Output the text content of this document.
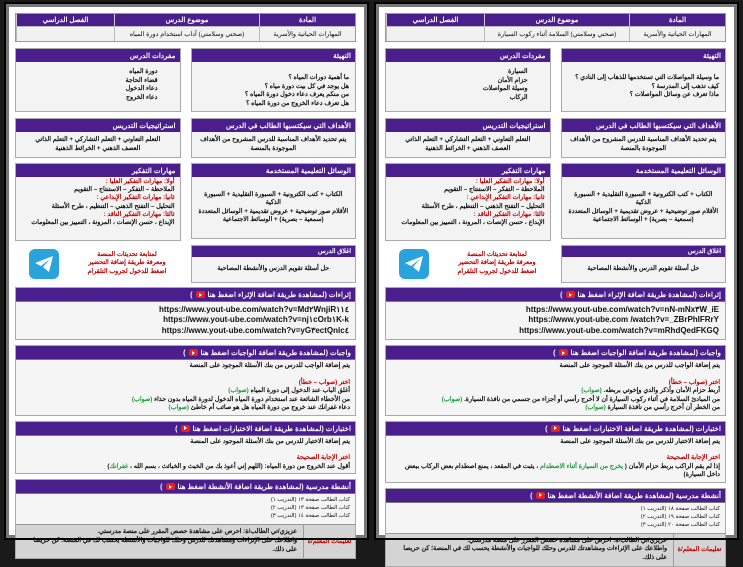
المادة
موضوع الدرس
الفصل الدراسي
المهارات الحياتية والأسرية
(صحتي وسلامتي) آداب استخدام دورة المياه
التهيئة
ما أهمية دورات المياه ؟
هل يوجد في كل بيت دورة مياه ؟
من منكم يعرف دعاء دخول دورة المياه ؟
هل تعرف دعاء الخروج من دورة المياه ؟
مفردات الدرس
دورة المياه
قضاء الحاجة
دعاء الدخول
دعاء الخروج
الأهداف التي سيكتسبها الطالب في الدرس
يتم تحديد الأهداف المناسبة للدرس المشروح من الأهداف الموجودة بالمنصة
استراتيجيات التدريس
التعلم التعاوني + التعلم التشاركي + التعلم الذاتي
العصف الذهني + الخرائط الذهنية
الوسائل التعليمية المستخدمة
الكتاب + كتب الكترونية + السبورة التقليدية + السبورة الذكية
الأقلام صور توضيحية + عروض تقديمية + الوسائل المتعددة
(سمعية – بصرية) + الوسائط الاجتماعية
اغلاق الدرس
حل أسئلة تقويم الدرس والأنشطة المصاحبة
مهارات التفكير
أولا: مهارات التفكير العليا :
الملاحظة – التفكر – الاستنتاج – التقويم
ثانيا: مهارات التفكير الإبداعي :
التحليل – التفتح الذهني – التنظيم ، طرح الأسئلة
ثالثا: مهارات التفكير الناقد :
الإبداع ، حسن الإنصات ، المرونة ، التمييز بين المعلومات
لمتابعة تحديثات المنصة
ومعرفة طريقة إضافة التحضير
اضغط للدخول لجروب التلقرام
إثراءات (لمشاهدة طريقة اضافة الإثراء اضغط هنا
)
https://www.yout-ube.com/watch?v=Md٢WnjiR١١٤
https://www.yout-ube.com/watch?v=nj١cOrb١K-k
https://www.yout-ube.com/watch?v=yG٣ectQnlc٤
واجبات (لمشاهدة طريقة اضافة الواجبات اضغط هنا
)
يتم إضافة الواجب للدرس من بنك الأسئلة الموجود على المنصة
اختر (صواب – خطأ)
أغلق الباب عند الدخول إلى دورة المياه (صواب)
من الأخطاء الشائعة عند استخدام دورة المياه الدخول لدورة المياه بدون حذاء (صواب)
دعاء غفرانك عند خروج من دورة المياه هل هو صائب أم خاطئ (صواب)
اختبارات (لمشاهدة طريقة اضافة الاختبارات اضغط هنا
)
يتم إضافة الاختبار للدرس من بنك الأسئلة الموجود على المنصة
اختر الإجابة الصحيحة
أقول عند الخروج من دورة المياه: (اللهم إني أعوذ بك من الخبث و الخبائث ، بسم الله ، غفرانك)
أنشطة مدرسية (لمشاهدة طريقة اضافة الأنشطة اضغط هنا
)
كتاب الطالب صفحة ١٣ (التدريب ١)
كتاب الطالب صفحة ١٣ (التدريب ٢)
كتاب الطالب صفحة ١٤ (التدريب ٣)
تعليمات المعلم/ة
عزيزي/تي الطالب/ة: احرص على مشاهدة حصص المقرر على منصة مدرستي.
واطلاعك على الإثراءات ومشاهدتك للدرس وحلك للواجبات والأنشطة يحسب لك في المنصة؛ كن حريصا على ذلك.
المادة
موضوع الدرس
الفصل الدراسي
المهارات الحياتية والأسرية
(صحتي وسلامتي) السلامة أثناء ركوب السيارة
التهيئة
ما وسيلة المواصلات التي تستخدمها للذهاب إلى النادي ؟
كيف تذهب إلى المدرسة ؟
ماذا تعرف عن وسائل المواصلات ؟
مفردات الدرس
السيارة
حزام الأمان
وسيلة المواصلات
الركاب
الأهداف التي سيكتسبها الطالب في الدرس
يتم تحديد الأهداف المناسبة للدرس المشروح من الأهداف الموجودة بالمنصة
استراتيجيات التدريس
التعلم التعاوني + التعلم التشاركي + التعلم الذاتي
العصف الذهني + الخرائط الذهنية
الوسائل التعليمية المستخدمة
الكتاب + كتب الكترونية + السبورة التقليدية + السبورة الذكية
الأقلام صور توضيحية + عروض تقديمية + الوسائل المتعددة
(سمعية – بصرية) + الوسائط الاجتماعية
اغلاق الدرس
حل أسئلة تقويم الدرس والأنشطة المصاحبة
مهارات التفكير
أولا: مهارات التفكير العليا :
الملاحظة – التفكر – الاستنتاج – التقويم
ثانيا: مهارات التفكير الإبداعي :
التحليل – التفتح الذهني – التنظيم ، طرح الأسئلة
ثالثا: مهارات التفكير الناقد :
الإبداع ، حسن الإنصات ، المرونة ، التمييز بين المعلومات
لمتابعة تحديثات المنصة
ومعرفة طريقة إضافة التحضير
اضغط للدخول لجروب التلقرام
إثراءات (لمشاهدة طريقة اضافة الإثراء اضغط هنا
)
https://www.yout-ube.com/watch?v=nN-mNx٣W_iE
https://www.yout-ube.com /watch?v=_ZBrPhIFRrY
https://www.yout-ube.com/watch?v=mRhdQedFKGQ
واجبات (لمشاهدة طريقة اضافة الواجبات اضغط هنا
)
يتم إضافة الواجب للدرس من بنك الأسئلة الموجود على المنصة
اختر (صواب – خطأ)
أربط حزام الأمان وأذكر والدي وإخوتي بربطه. (صواب)
من المبادئ السلامة في أثناء ركوب السيارة أن لا أخرج رأسي أو أجزاء من جسمي من نافذة السيارة. (صواب)
من الخطر أن أخرج رأسي من نافذة السيارة (صواب)
اختبارات (لمشاهدة طريقة اضافة الاختبارات اضغط هنا
)
يتم إضافة الاختبار للدرس من بنك الأسئلة الموجود على المنصة
اختر الإجابة الصحيحة
إذا لم يقم الراكب بربط حزام الأمان ( يخرج من السيارة أثناء الاصطدام ، يثبت في المقعد ، يمنع اصطدام بعض الركاب ببعض داخل السيارة)
أنشطة مدرسية (لمشاهدة طريقة اضافة الأنشطة اضغط هنا
)
كتاب الطالب صفحة ١٨ (التدريب ١)
كتاب الطالب صفحة ١٩ (التدريب ٢)
كتاب الطالب صفحة ٢٠ (التدريب ٣)
تعليمات المعلم/ة
عزيزي/تي الطالب/ة: احرص على مشاهدة حصص المقرر على منصة مدرستي.
واطلاعك على الإثراءات ومشاهدتك للدرس وحلك للواجبات والأنشطة يحسب لك في المنصة؛ كن حريصا على ذلك.
